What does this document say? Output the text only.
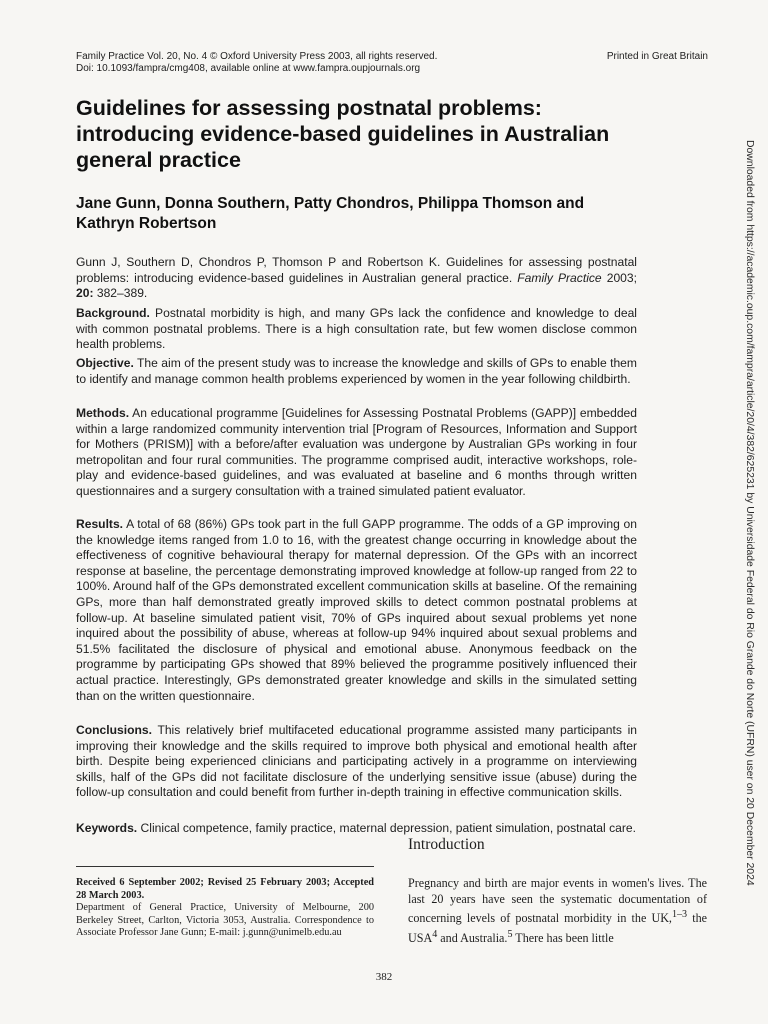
Family Practice Vol. 20, No. 4 © Oxford University Press 2003, all rights reserved.
Doi: 10.1093/fampra/cmg408, available online at www.fampra.oupjournals.org
Printed in Great Britain
Guidelines for assessing postnatal problems: introducing evidence-based guidelines in Australian general practice
Jane Gunn, Donna Southern, Patty Chondros, Philippa Thomson and Kathryn Robertson

Gunn J, Southern D, Chondros P, Thomson P and Robertson K. Guidelines for assessing postnatal problems: introducing evidence-based guidelines in Australian general practice. Family Practice 2003; 20: 382–389.

Background. Postnatal morbidity is high, and many GPs lack the confidence and knowledge to deal with common postnatal problems. There is a high consultation rate, but few women disclose common health problems.

Objective. The aim of the present study was to increase the knowledge and skills of GPs to enable them to identify and manage common health problems experienced by women in the year following childbirth.

Methods. An educational programme [Guidelines for Assessing Postnatal Problems (GAPP)] embedded within a large randomized community intervention trial [Program of Resources, Information and Support for Mothers (PRISM)] with a before/after evaluation was undergone by Australian GPs working in four metropolitan and four rural communities. The programme comprised audit, interactive workshops, role-play and evidence-based guidelines, and was evaluated at baseline and 6 months through written questionnaires and a surgery consultation with a trained simulated patient evaluator.

Results. A total of 68 (86%) GPs took part in the full GAPP programme. The odds of a GP improving on the knowledge items ranged from 1.0 to 16, with the greatest change occurring in knowledge about the effectiveness of cognitive behavioural therapy for maternal depression. Of the GPs with an incorrect response at baseline, the percentage demonstrating improved knowledge at follow-up ranged from 22 to 100%. Around half of the GPs demonstrated excellent communication skills at baseline. Of the remaining GPs, more than half demonstrated greatly improved skills to detect common postnatal problems at follow-up. At baseline simulated patient visit, 70% of GPs inquired about sexual problems yet none inquired about the possibility of abuse, whereas at follow-up 94% inquired about sexual problems and 51.5% facilitated the disclosure of physical and emotional abuse. Anonymous feedback on the programme by participating GPs showed that 89% believed the programme positively influenced their actual practice. Interestingly, GPs demonstrated greater knowledge and skills in the simulated setting than on the written questionnaire.

Conclusions. This relatively brief multifaceted educational programme assisted many participants in improving their knowledge and the skills required to improve both physical and emotional health after birth. Despite being experienced clinicians and participating actively in a programme on interviewing skills, half of the GPs did not facilitate disclosure of the underlying sensitive issue (abuse) during the follow-up consultation and could benefit from further in-depth training in effective communication skills.

Keywords. Clinical competence, family practice, maternal depression, patient simulation, postnatal care.

Received 6 September 2002; Revised 25 February 2003; Accepted 28 March 2003.
Department of General Practice, University of Melbourne, 200 Berkeley Street, Carlton, Victoria 3053, Australia. Correspondence to Associate Professor Jane Gunn; E-mail: j.gunn@unimelb.edu.au
Introduction

Pregnancy and birth are major events in women's lives. The last 20 years have seen the systematic documentation of concerning levels of postnatal morbidity in the UK,$^{1-3}$ the USA$^4$ and Australia.$^5$ There has been little

382
Downloaded from https://academic.oup.com/fampra/article/20/4/382/625231 by Universidade Federal do Rio Grande do Norte (UFRN) user on 20 December 2024
